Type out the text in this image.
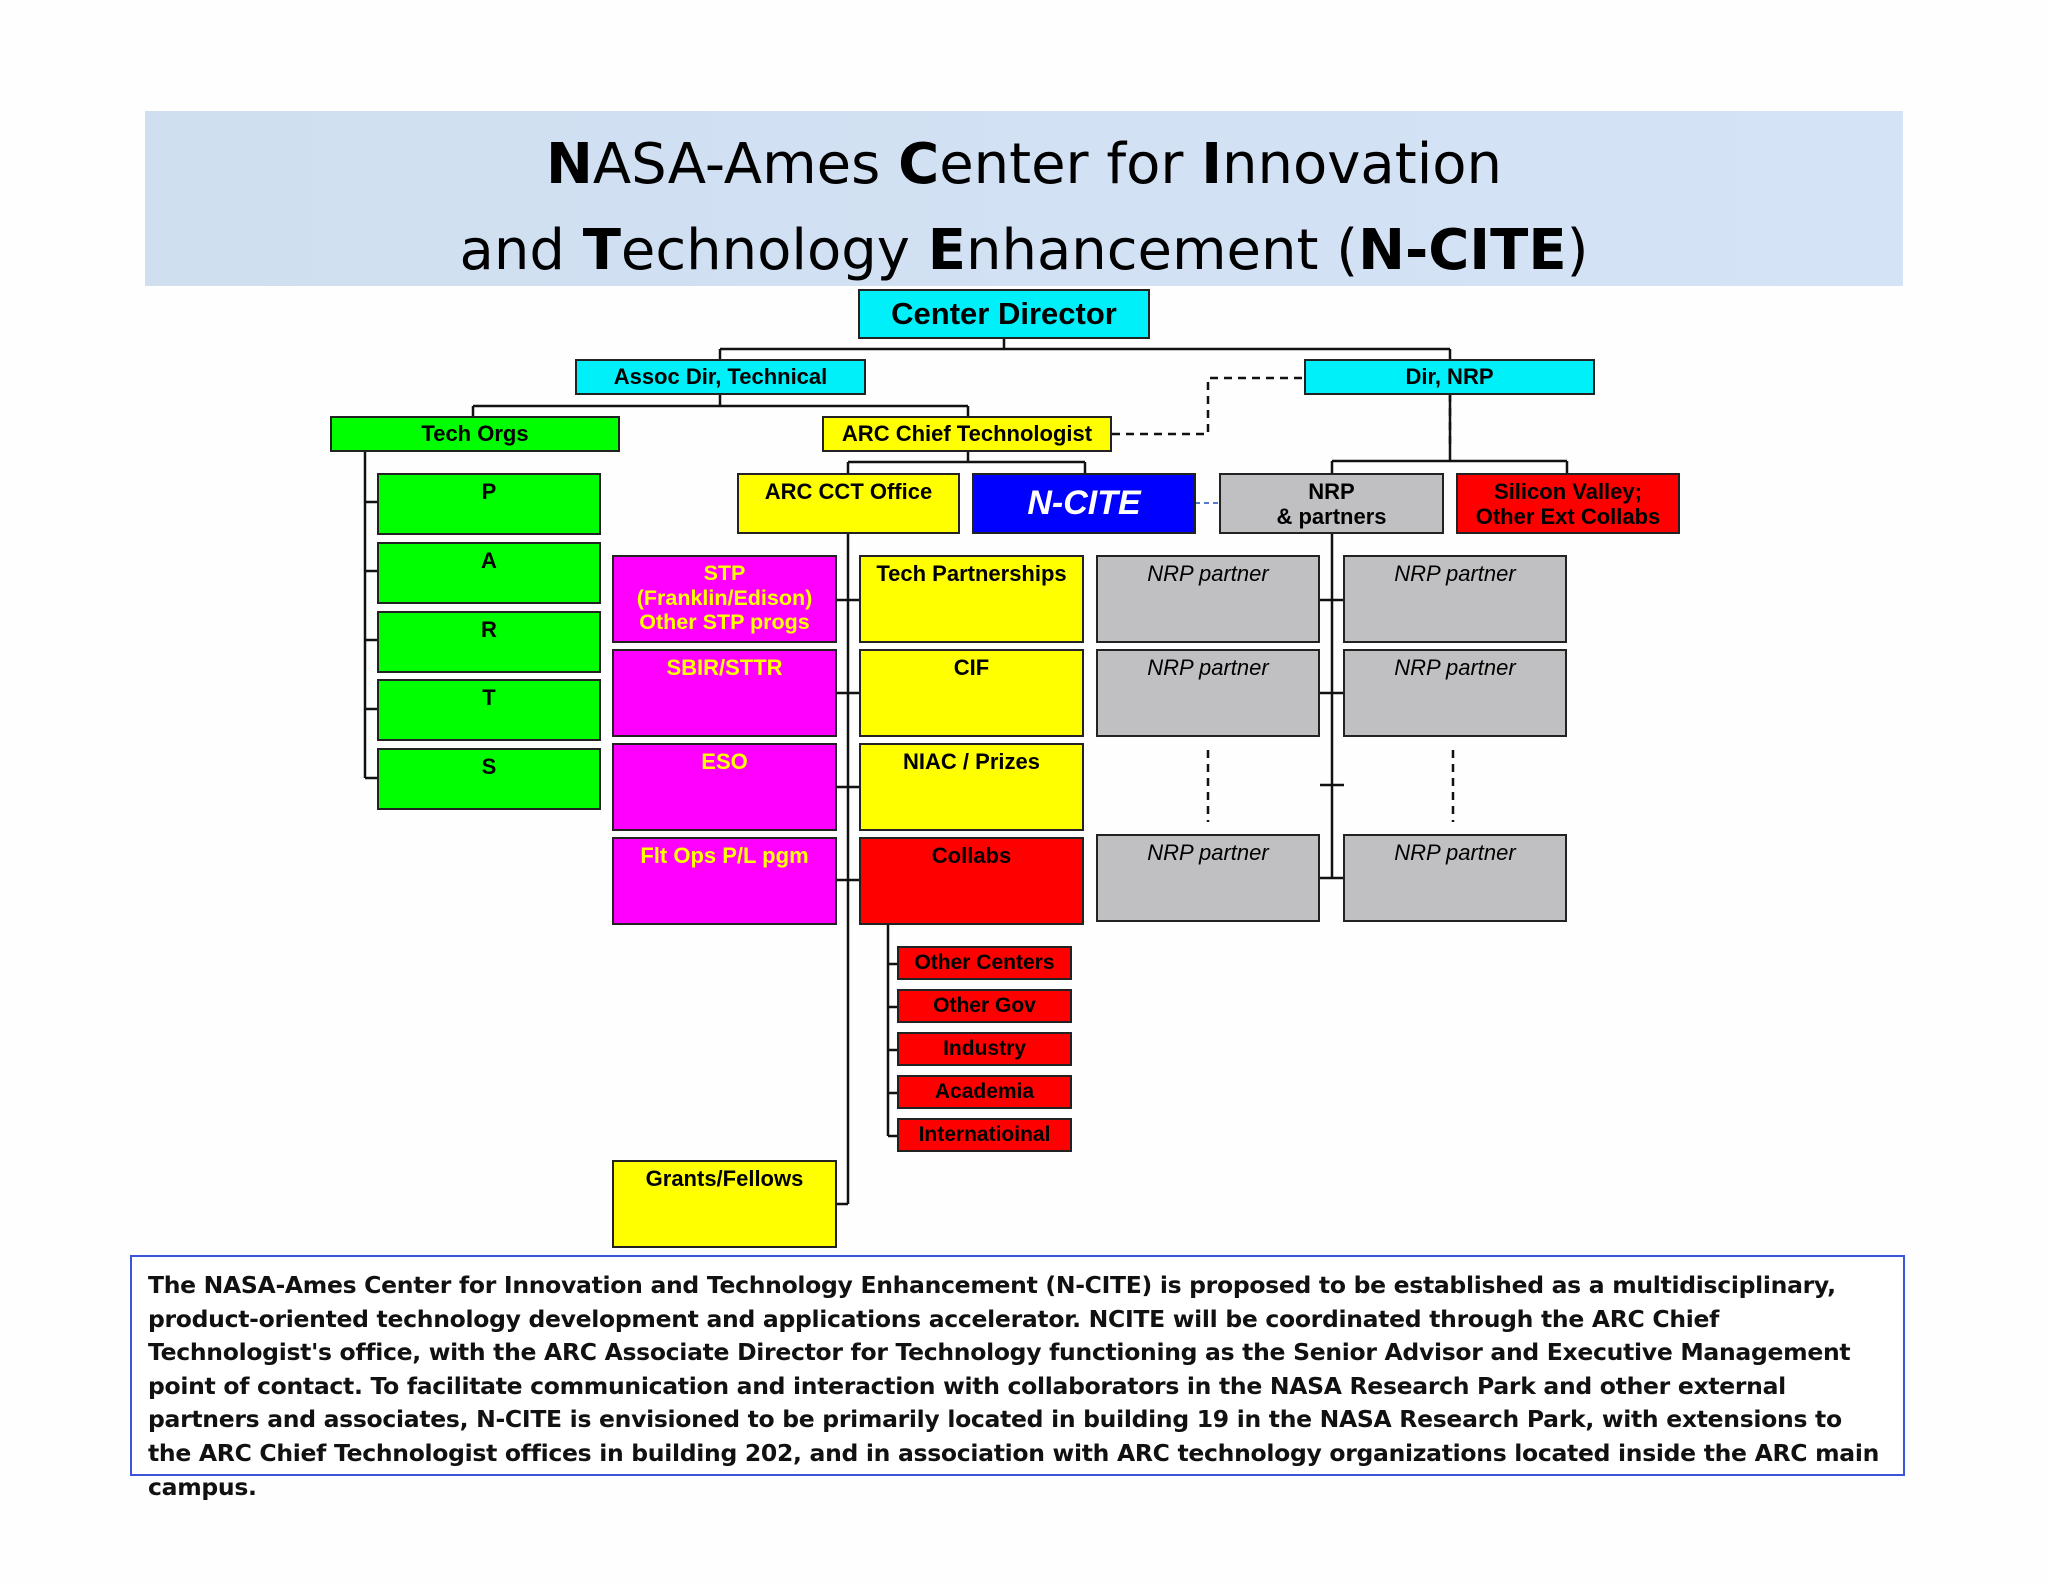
NASA-Ames Center for Innovation
and Technology Enhancement (N-CITE)
Center Director
Assoc Dir, Technical	Dir, NRP
Tech Orgs	ARC Chief Technologist
P
A
R
T
S
ARC CCT Office	N-CITE	NRP
& partners
Silicon Valley;
Other Ext Collabs
STP
(Franklin/Edison)
Other STP progs
SBIR/STTR
ESO
Flt Ops P/L pgm
Grants/Fellows
Tech Partnerships
CIF
NIAC / Prizes
Collabs
Other Centers
Other Gov
Industry
Academia
Internatioinal
NRP partner	NRP partner
NRP partner	NRP partner
NRP partner	NRP partner

The NASA-Ames Center for Innovation and Technology Enhancement (N-CITE) is proposed to be established as a multidisciplinary, product-oriented technology development and applications accelerator. NCITE will be coordinated through the ARC Chief Technologist's office, with the ARC Associate Director for Technology functioning as the Senior Advisor and Executive Management point of contact. To facilitate communication and interaction with collaborators in the NASA Research Park and other external partners and associates, N-CITE is envisioned to be primarily located in building 19 in the NASA Research Park, with extensions to the ARC Chief Technologist offices in building 202, and in association with ARC technology organizations located inside the ARC main campus.
